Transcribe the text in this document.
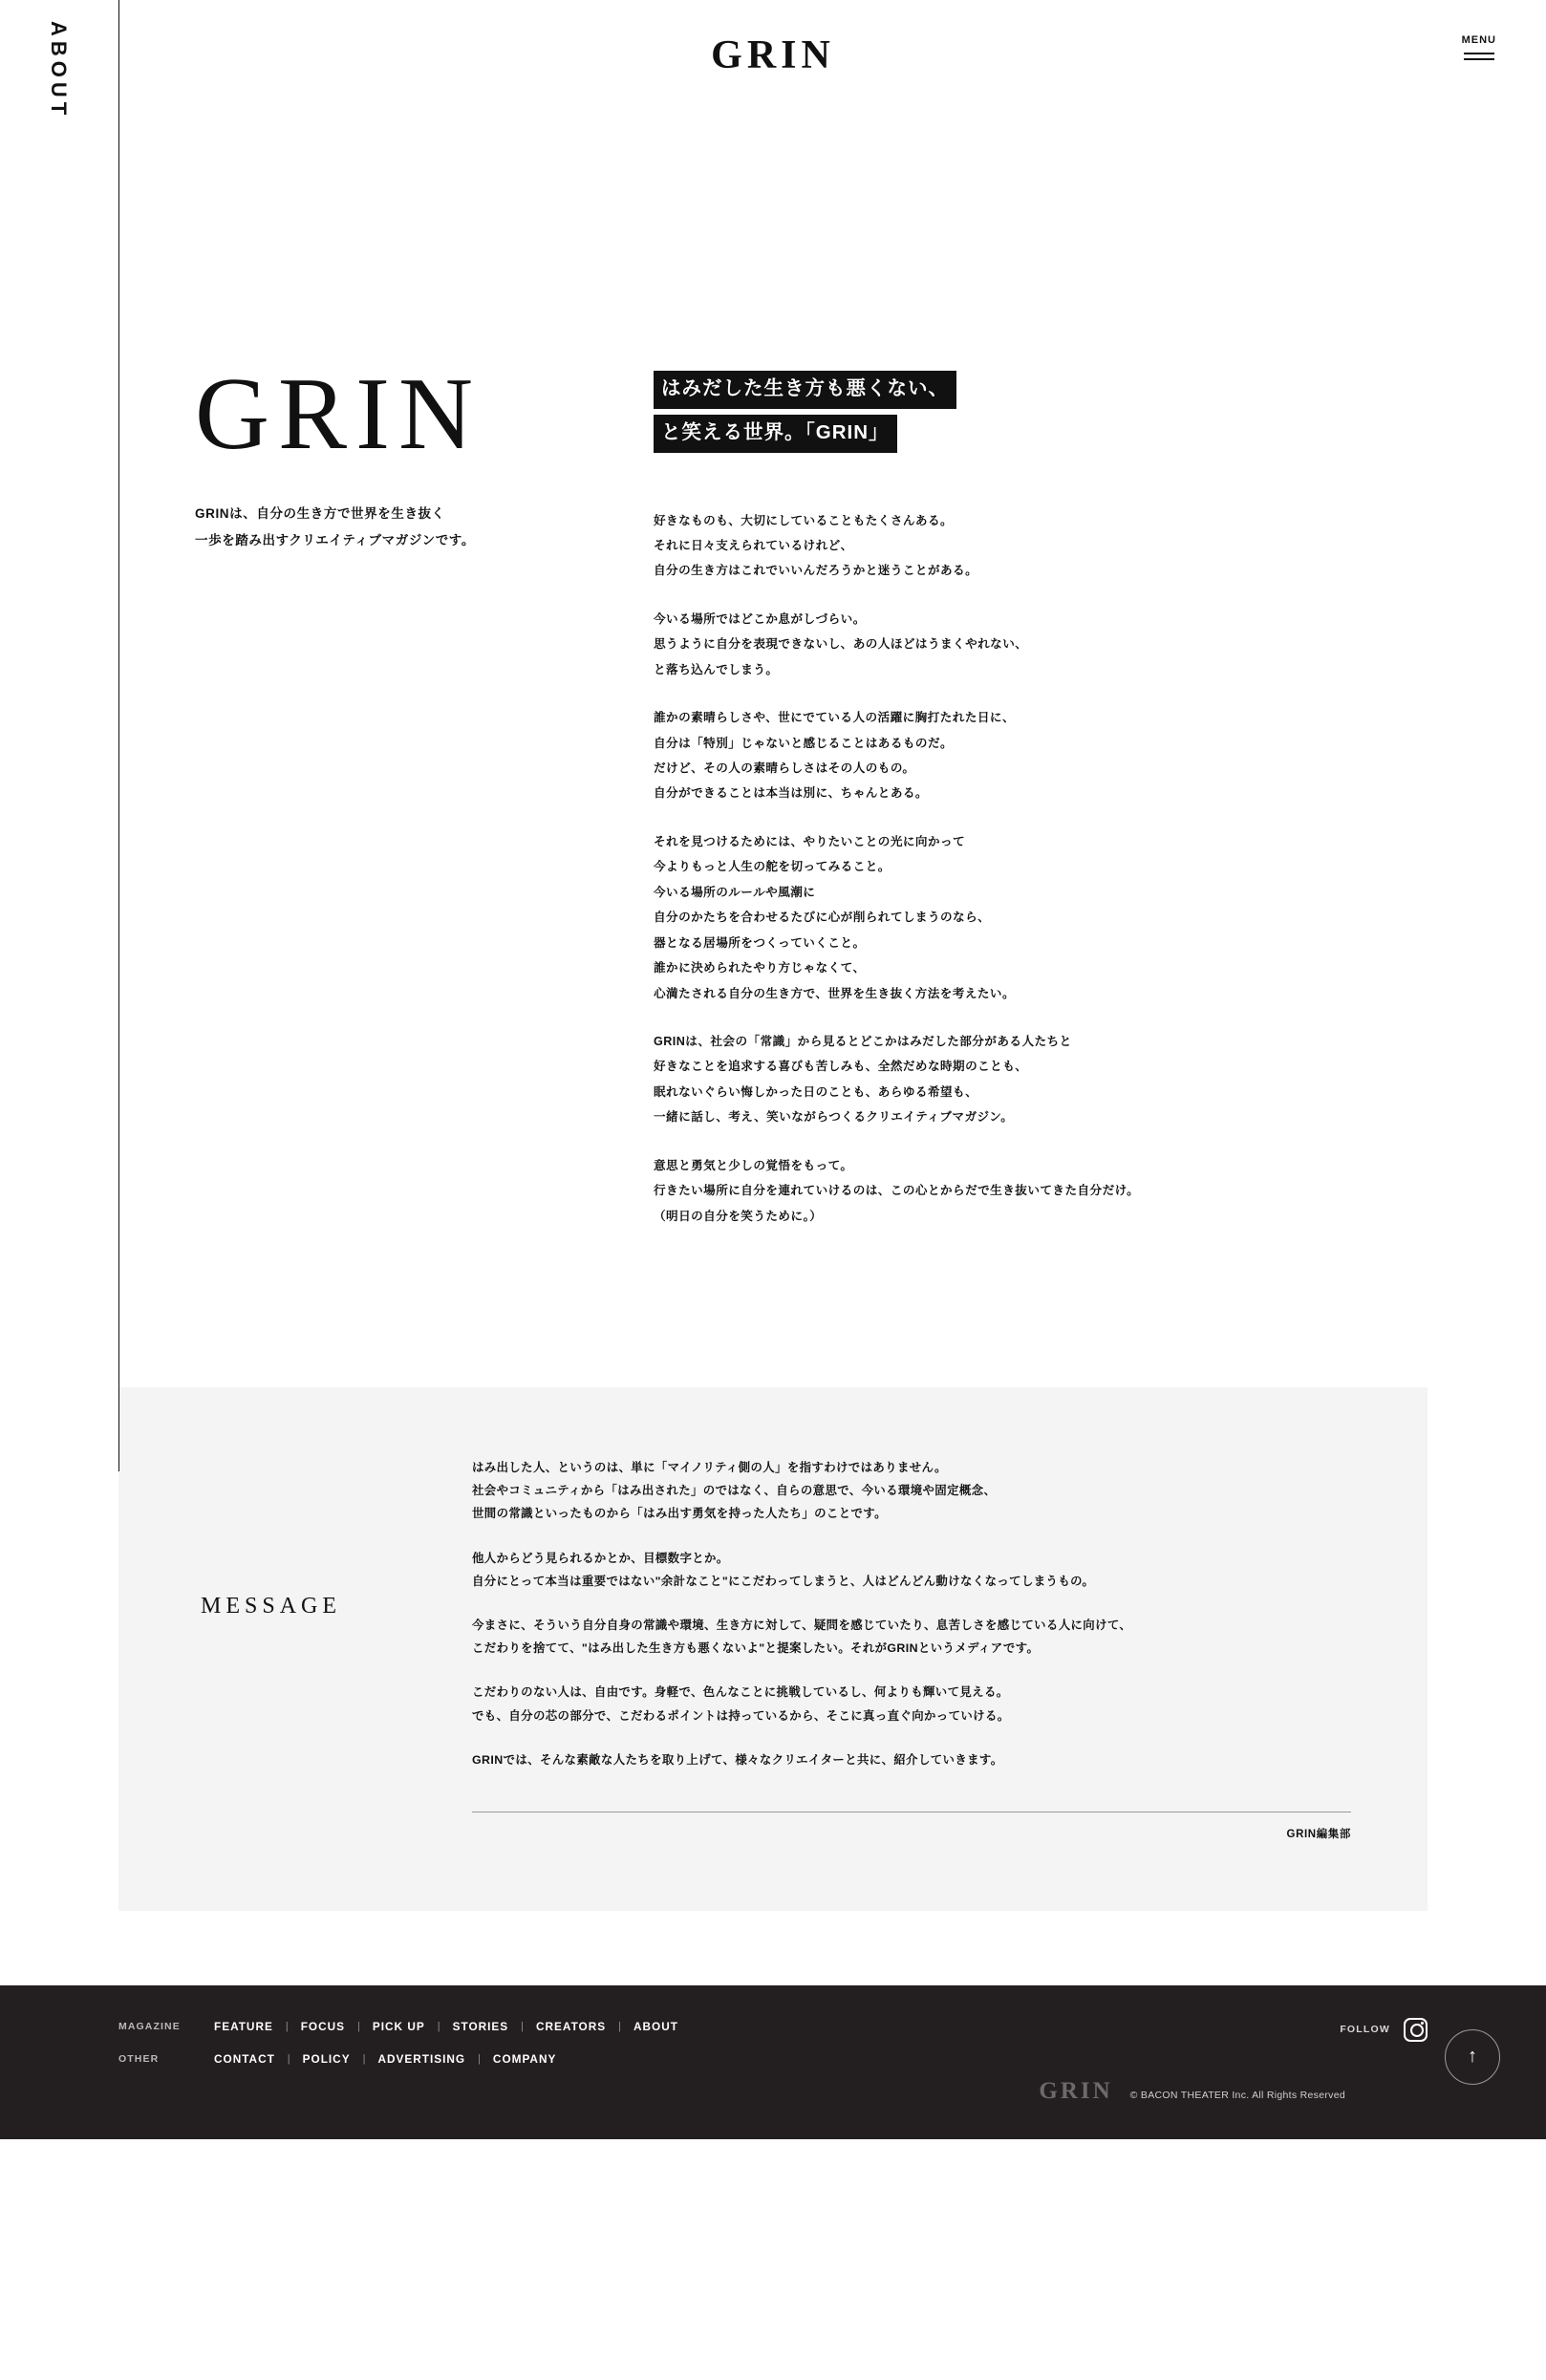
GRIN	MENU
ABOUT
GRIN
GRINは、自分の生き方で世界を生き抜く
一歩を踏み出すクリエイティブマガジンです。
はみだした生き方も悪くない、
と笑える世界。「GRIN」

好きなものも、大切にしていることもたくさんある。
それに日々支えられているけれど、
自分の生き方はこれでいいんだろうかと迷うことがある。

今いる場所ではどこか息がしづらい。
思うように自分を表現できないし、あの人ほどはうまくやれない、
と落ち込んでしまう。

誰かの素晴らしさや、世にでている人の活躍に胸打たれた日に、
自分は「特別」じゃないと感じることはあるものだ。
だけど、その人の素晴らしさはその人のもの。
自分ができることは本当は別に、ちゃんとある。

それを見つけるためには、やりたいことの光に向かって
今よりもっと人生の舵を切ってみること。
今いる場所のルールや風潮に
自分のかたちを合わせるたびに心が削られてしまうのなら、
器となる居場所をつくっていくこと。
誰かに決められたやり方じゃなくて、
心満たされる自分の生き方で、世界を生き抜く方法を考えたい。

GRINは、社会の「常識」から見るとどこかはみだした部分がある人たちと
好きなことを追求する喜びも苦しみも、全然だめな時期のことも、
眠れないぐらい悔しかった日のことも、あらゆる希望も、
一緒に話し、考え、笑いながらつくるクリエイティブマガジン。

意思と勇気と少しの覚悟をもって。
行きたい場所に自分を連れていけるのは、この心とからだで生き抜いてきた自分だけ。
（明日の自分を笑うために。）

MESSAGE

はみ出した人、というのは、単に「マイノリティ側の人」を指すわけではありません。
社会やコミュニティから「はみ出された」のではなく、自らの意思で、今いる環境や固定概念、
世間の常識といったものから「はみ出す勇気を持った人たち」のことです。

他人からどう見られるかとか、目標数字とか。
自分にとって本当は重要ではない"余計なこと"にこだわってしまうと、人はどんどん動けなくなってしまうもの。

今まさに、そういう自分自身の常識や環境、生き方に対して、疑問を感じていたり、息苦しさを感じている人に向けて、
こだわりを捨てて、"はみ出した生き方も悪くないよ"と提案したい。それがGRINというメディアです。

こだわりのない人は、自由です。身軽で、色んなことに挑戦しているし、何よりも輝いて見える。
でも、自分の芯の部分で、こだわるポイントは持っているから、そこに真っ直ぐ向かっていける。

GRINでは、そんな素敵な人たちを取り上げて、様々なクリエイターと共に、紹介していきます。

GRIN編集部
MAGAZINE	FEATURE | FOCUS | PICK UP | STORIES | CREATORS | ABOUT
OTHER	CONTACT | POLICY | ADVERTISING | COMPANY
FOLLOW
↑
GRIN © BACON THEATER Inc. All Rights Reserved
